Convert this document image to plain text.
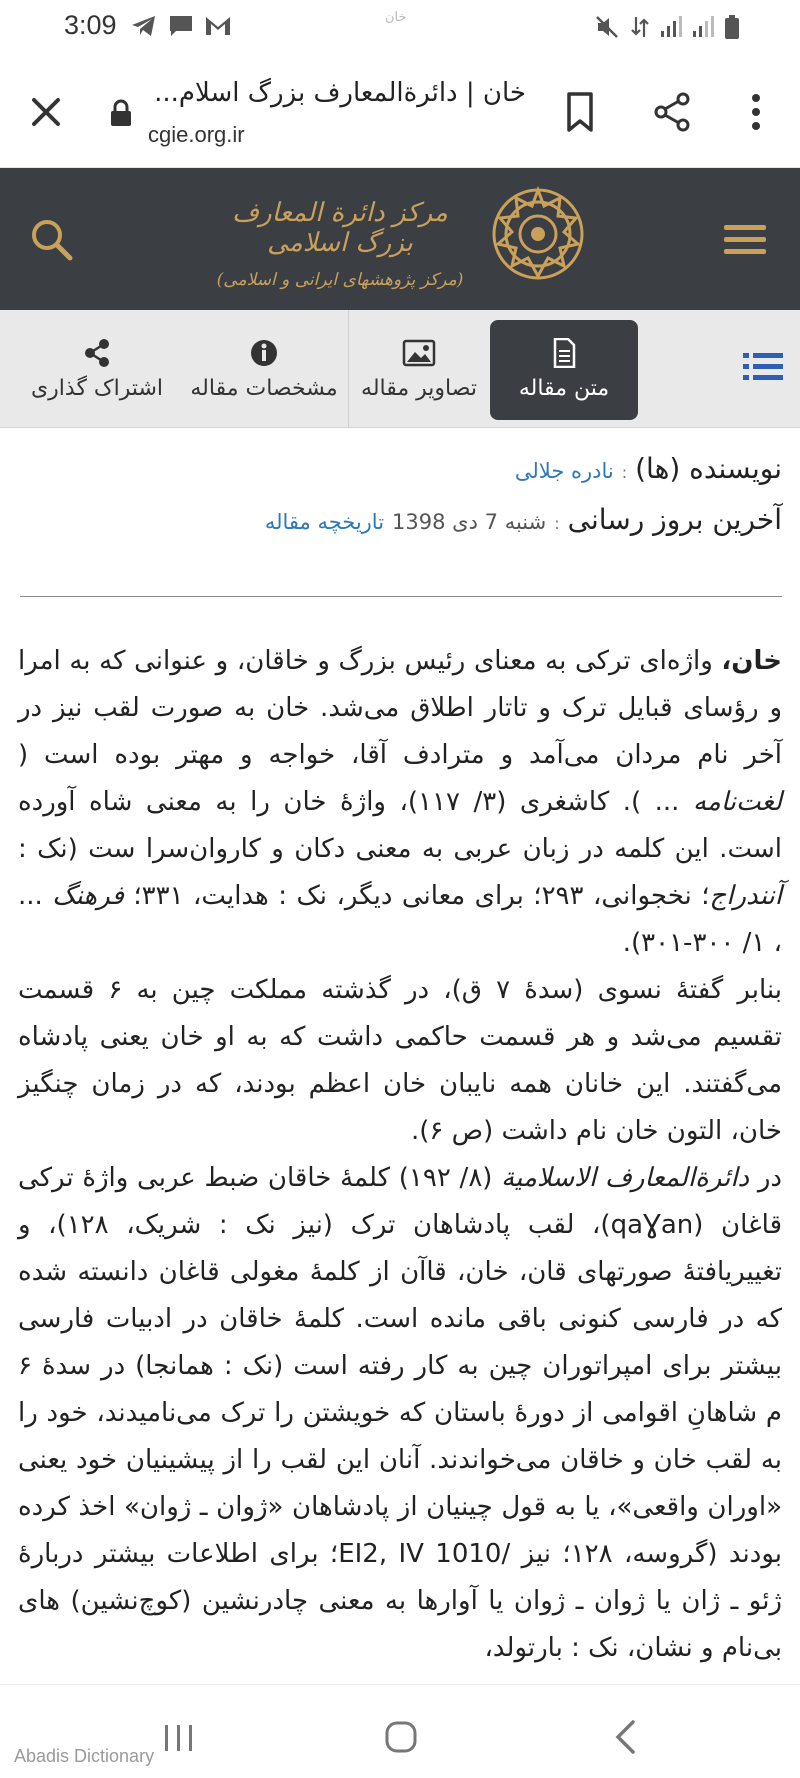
3:09	خان
خان | دائرةالمعارف بزرگ اسلام...
cgie.org.ir
مرکز دائرة المعارف بزرگ اسلامی
(مرکز پژوهشهای ایرانی و اسلامی)
متن مقاله
تصاویر مقاله
مشخصات مقاله
اشتراک گذاری
نویسنده (ها)
:
نادره جلالی
آخرین بروز رسانی
:
شنبه 7 دی 1398
تاریخچه مقاله

خان، واژه‌ای ترکی به معنای رئیس بزرگ و خاقان، و عنوانی که به امرا و رؤسای قبایل ترک و تاتار اطلاق می‌شد. خان به صورت لقب نیز در آخر نام مردان می‌آمد و مترادف آقا، خواجه و مهتر بوده است ( لغت‌نامه ... ). کاشغری (۳/ ۱۱۷)، واژۀ خان را به معنی شاه آورده است. این کلمه در زبان عربی به معنی دکان و کاروان‌سرا ست (نک : آنندراج؛ نخجوانی، ۲۹۳؛ برای معانی دیگر، نک : هدایت، ۳۳۱؛ فرهنگ ... ، ۱/ ۳۰۰-۳۰۱).

بنابر گفتۀ نسوی (سدۀ ۷ ق)، در گذشته مملکت چین به ۶ قسمت تقسیم می‌شد و هر قسمت حاکمی داشت که به او خان یعنی پادشاه می‌گفتند. این خانان همه نایبان خان اعظم بودند، که در زمان چنگیز خان، التون خان نام داشت (ص ۶).

در دائرةالمعارف الاسلامیة (۸/ ۱۹۲) کلمۀ خاقان ضبط عربی واژۀ ترکی قاغان (qaƔan)، لقب پادشاهان ترک (نیز نک : شریک، ۱۲۸)، و تغییریافتۀ صورتهای قان، خان، قاآن از کلمۀ مغولی قاغان دانسته شده که در فارسی کنونی باقی مانده است. کلمۀ خاقان در ادبیات فارسی بیشتر برای امپراتوران چین به کار رفته است (نک : همانجا) در سدۀ ۶ م شاهانِ اقوامی از دورۀ باستان که خویشتن را ترک می‌نامیدند، خود را به لقب خان و خاقان می‌خواندند. آنان این لقب را از پیشینیان خود یعنی «اوران واقعی»، یا به قول چینیان از پادشاهان «ژوان ـ ژوان» اخذ کرده بودند (گروسه، ۱۲۸؛ نیز /EI2, IV 1010؛ برای اطلاعات بیشتر دربارۀ ژئو ـ ژان یا ژوان ـ ژوان یا آوارها به معنی چادرنشین (کوچ‌نشین) های بی‌نام و نشان، نک : بارتولد،

Abadis Dictionary
